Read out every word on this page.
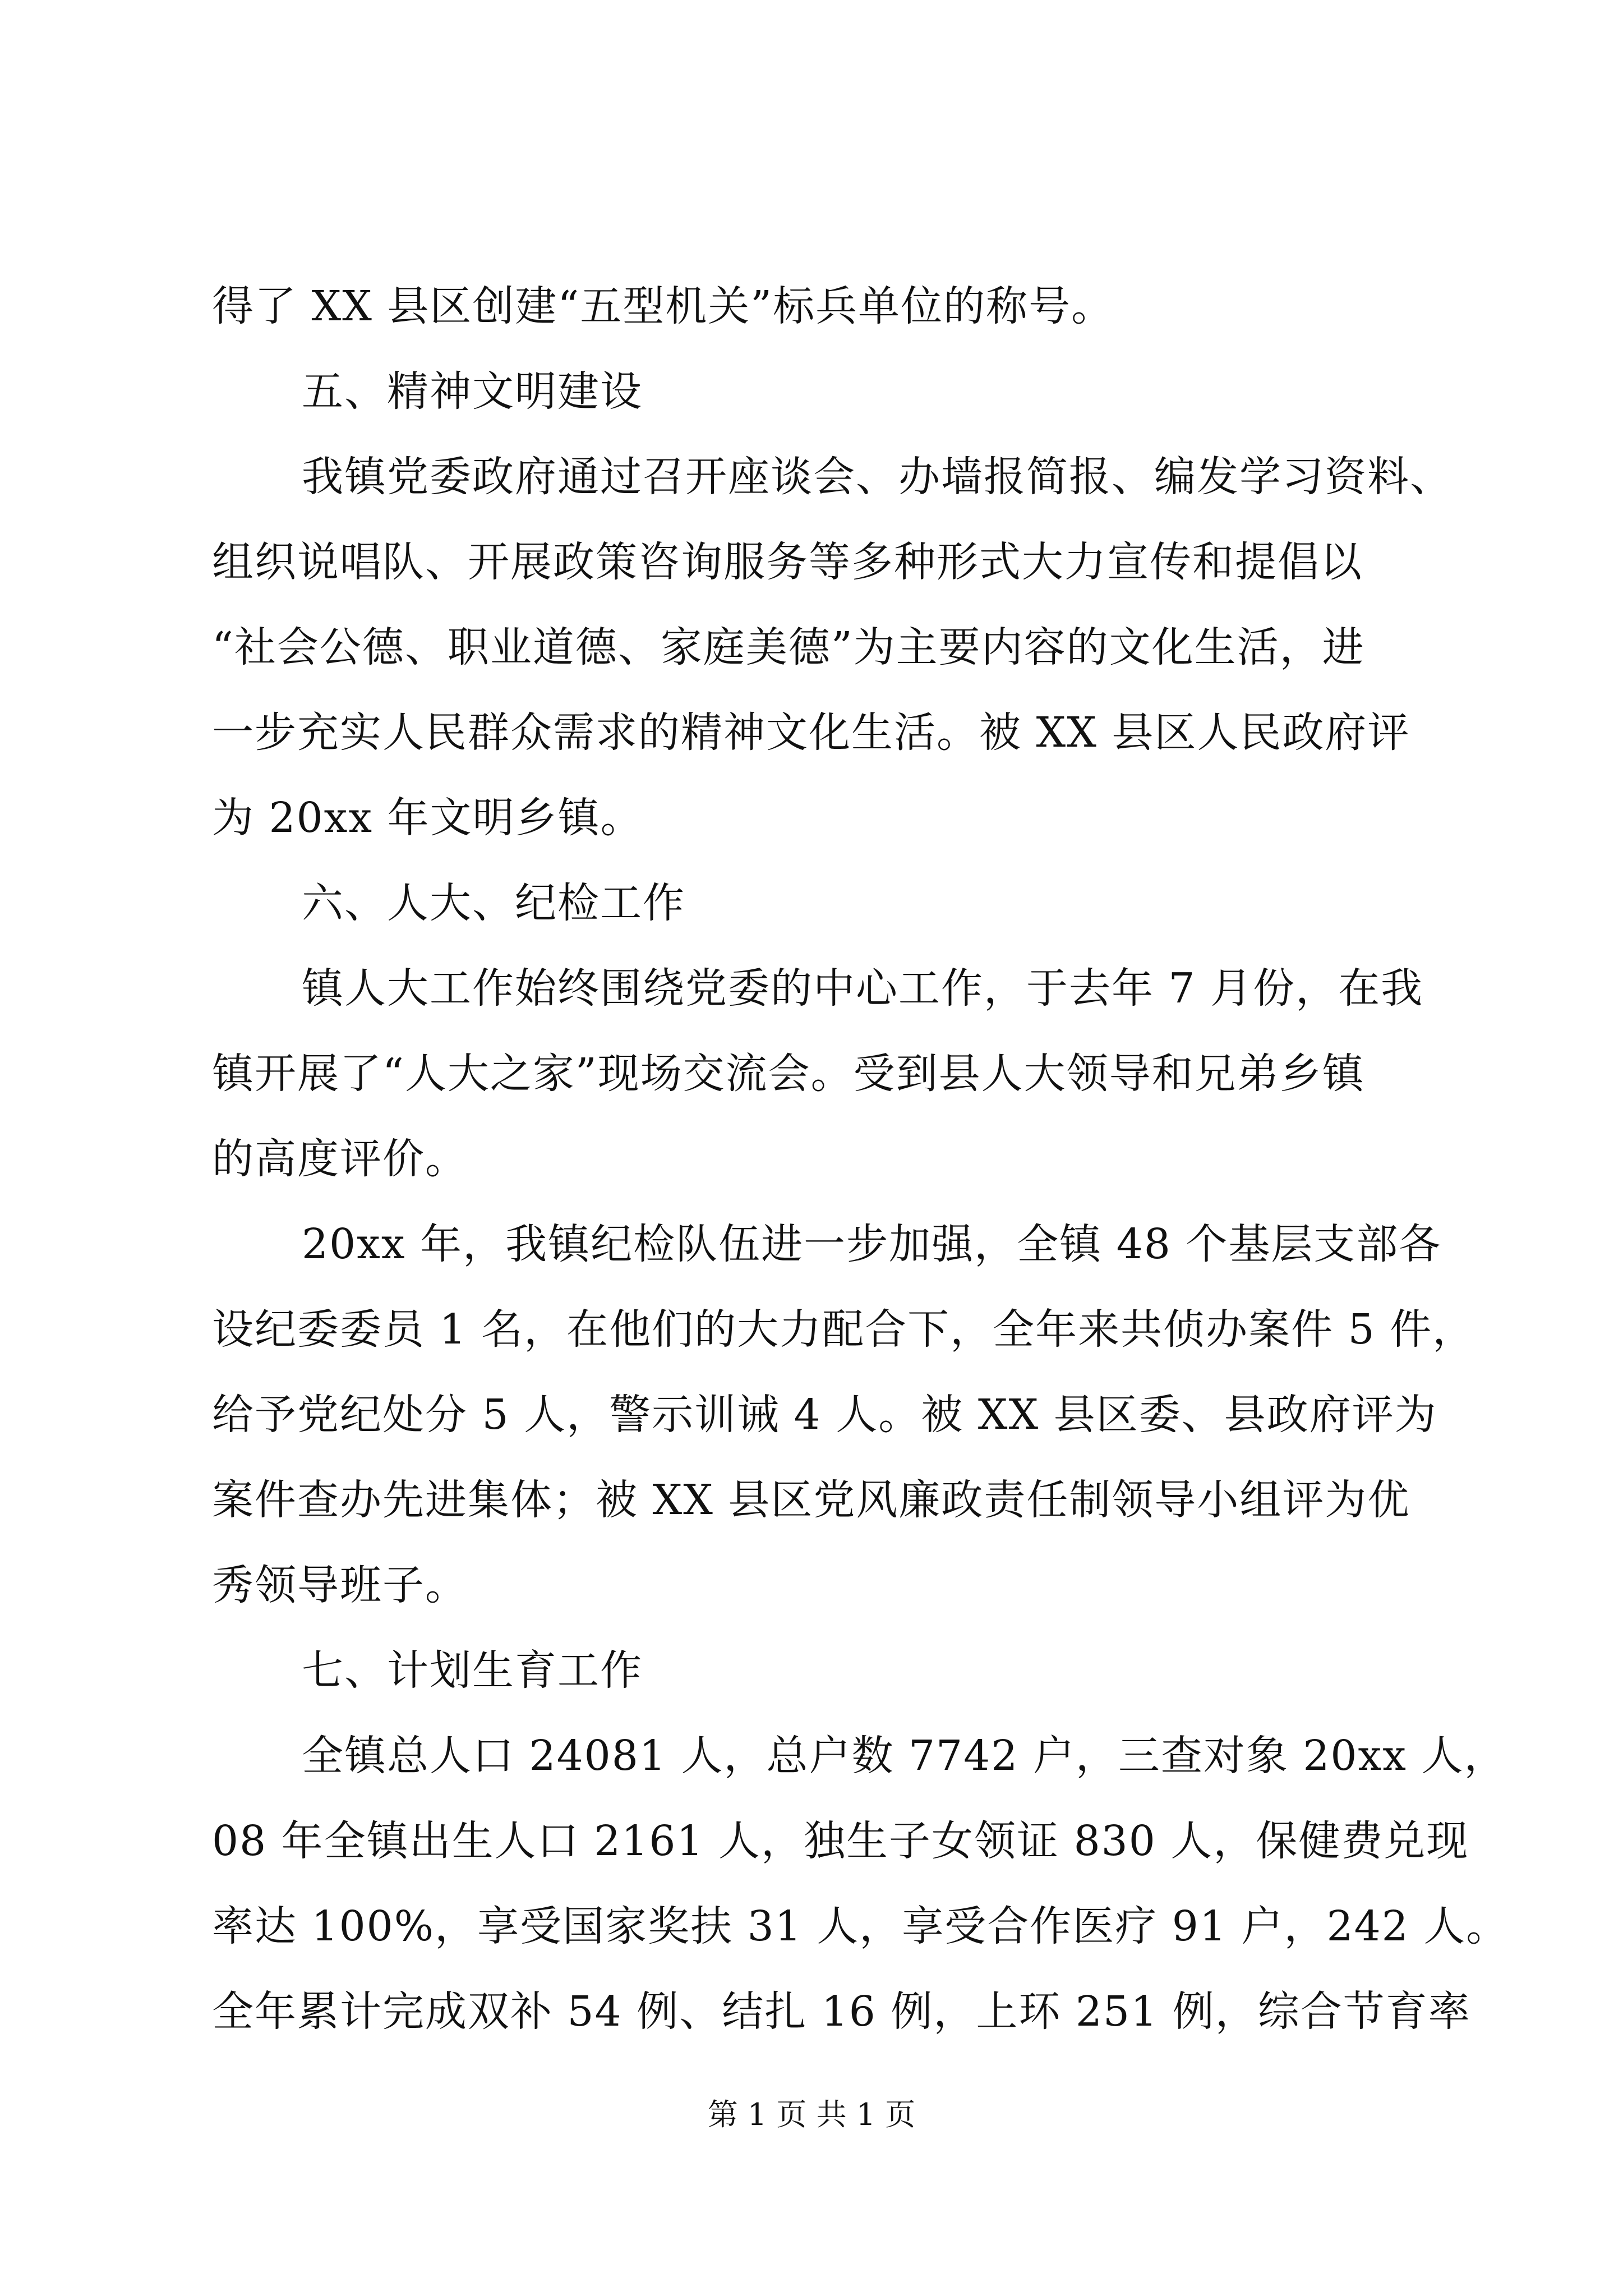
得了 XX 县区创建“五型机关”标兵单位的称号。
五、精神文明建设
我镇党委政府通过召开座谈会、办墙报简报、编发学习资料、
组织说唱队、开展政策咨询服务等多种形式大力宣传和提倡以
“社会公德、职业道德、家庭美德”为主要内容的文化生活，进
一步充实人民群众需求的精神文化生活。被 XX 县区人民政府评
为 20xx 年文明乡镇。
六、人大、纪检工作
镇人大工作始终围绕党委的中心工作，于去年 7 月份，在我
镇开展了“人大之家”现场交流会。受到县人大领导和兄弟乡镇
的高度评价。
20xx 年，我镇纪检队伍进一步加强，全镇 48 个基层支部各
设纪委委员 1 名，在他们的大力配合下，全年来共侦办案件 5 件，
给予党纪处分 5 人，警示训诫 4 人。被 XX 县区委、县政府评为
案件查办先进集体；被 XX 县区党风廉政责任制领导小组评为优
秀领导班子。
七、计划生育工作
全镇总人口 24081 人，总户数 7742 户，三查对象 20xx 人，
08 年全镇出生人口 2161 人，独生子女领证 830 人，保健费兑现
率达 100%，享受国家奖扶 31 人，享受合作医疗 91 户，242 人。
全年累计完成双补 54 例、结扎 16 例，上环 251 例，综合节育率
第 1 页 共 1 页
